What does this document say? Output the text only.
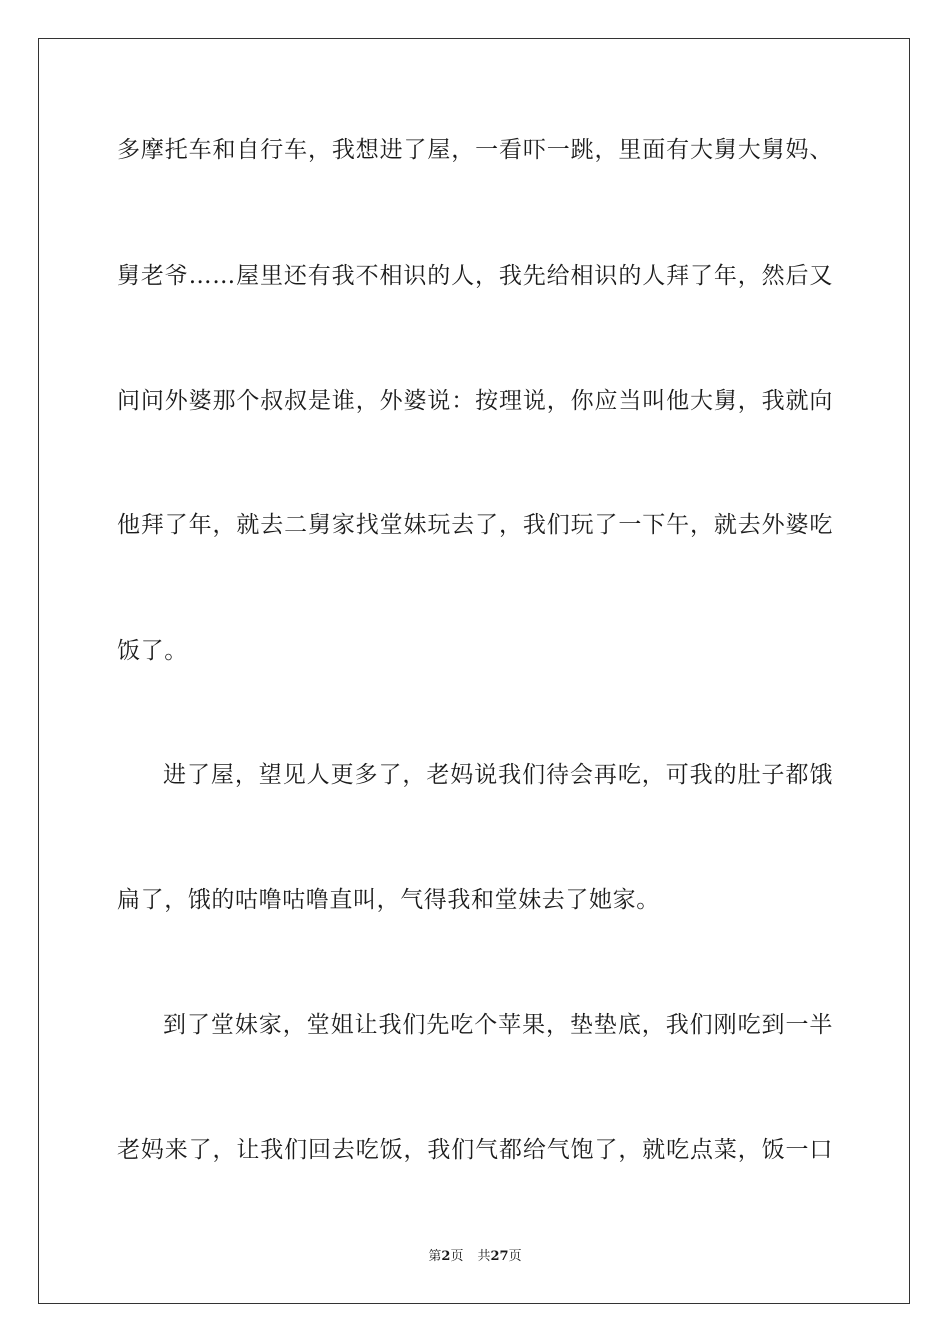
多摩托车和自行车，我想进了屋，一看吓一跳，里面有大舅大舅妈、
舅老爷……屋里还有我不相识的人，我先给相识的人拜了年，然后又
问问外婆那个叔叔是谁，外婆说：按理说，你应当叫他大舅，我就向
他拜了年，就去二舅家找堂妹玩去了，我们玩了一下午，就去外婆吃
饭了。
进了屋，望见人更多了，老妈说我们待会再吃，可我的肚子都饿
扁了，饿的咕噜咕噜直叫，气得我和堂妹去了她家。
到了堂妹家，堂姐让我们先吃个苹果，垫垫底，我们刚吃到一半
老妈来了，让我们回去吃饭，我们气都给气饱了，就吃点菜，饭一口
第2页 共27页
